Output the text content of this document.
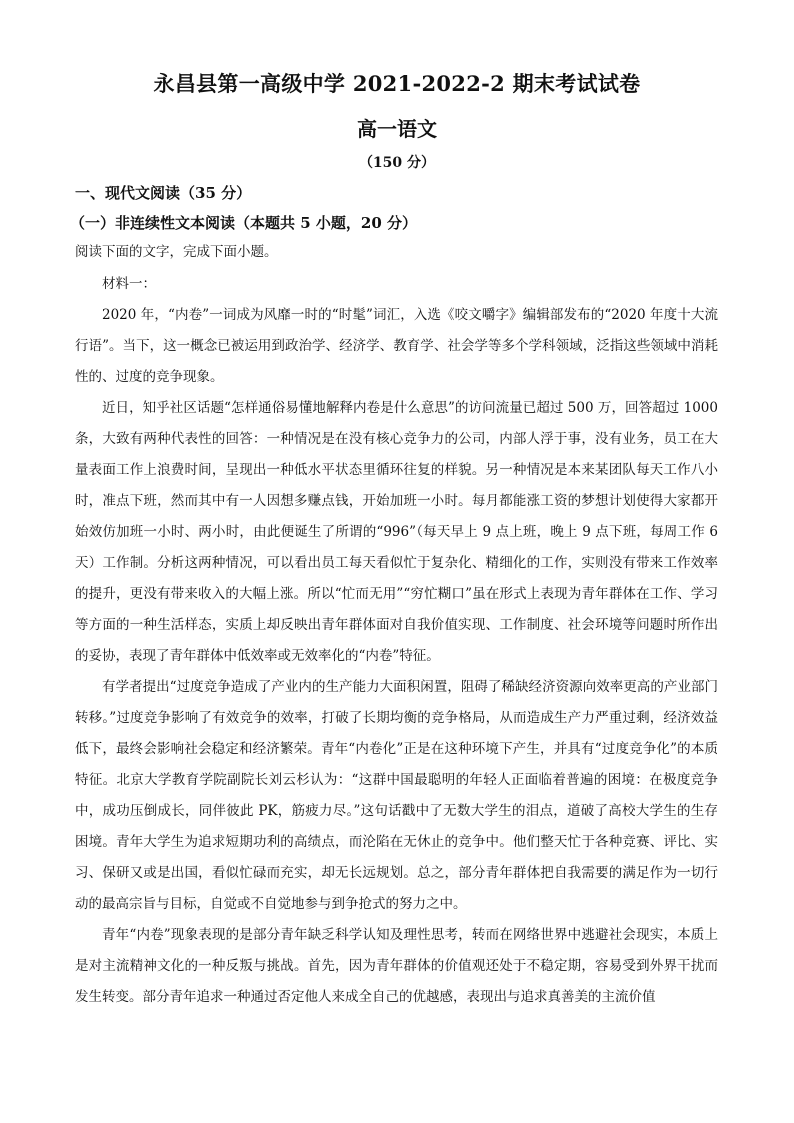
永昌县第一高级中学 2021-2022-2 期末考试试卷
高一语文
（150 分）
一、现代文阅读（35 分）
（一）非连续性文本阅读（本题共 5 小题，20 分）
阅读下面的文字，完成下面小题。
材料一：

2020 年，“内卷”一词成为风靡一时的“时髦”词汇，入选《咬文嚼字》编辑部发布的“2020 年度十大流行语”。当下，这一概念已被运用到政治学、经济学、教育学、社会学等多个学科领域，泛指这些领域中消耗性的、过度的竞争现象。

近日，知乎社区话题“怎样通俗易懂地解释内卷是什么意思”的访问流量已超过 500 万，回答超过 1000 条，大致有两种代表性的回答：一种情况是在没有核心竞争力的公司，内部人浮于事，没有业务，员工在大量表面工作上浪费时间，呈现出一种低水平状态里循环往复的样貌。另一种情况是本来某团队每天工作八小时，准点下班，然而其中有一人因想多赚点钱，开始加班一小时。每月都能涨工资的梦想计划使得大家都开始效仿加班一小时、两小时，由此便诞生了所谓的“996”（每天早上 9 点上班，晚上 9 点下班，每周工作 6 天）工作制。分析这两种情况，可以看出员工每天看似忙于复杂化、精细化的工作，实则没有带来工作效率的提升，更没有带来收入的大幅上涨。所以“忙而无用”“穷忙糊口”虽在形式上表现为青年群体在工作、学习等方面的一种生活样态，实质上却反映出青年群体面对自我价值实现、工作制度、社会环境等问题时所作出的妥协，表现了青年群体中低效率或无效率化的“内卷”特征。

有学者提出“过度竞争造成了产业内的生产能力大面积闲置，阻碍了稀缺经济资源向效率更高的产业部门转移。”过度竞争影响了有效竞争的效率，打破了长期均衡的竞争格局，从而造成生产力严重过剩，经济效益低下，最终会影响社会稳定和经济繁荣。青年“内卷化”正是在这种环境下产生，并具有“过度竞争化”的本质特征。北京大学教育学院副院长刘云杉认为：“这群中国最聪明的年轻人正面临着普遍的困境：在极度竞争中，成功压倒成长，同伴彼此 PK，筋疲力尽。”这句话戳中了无数大学生的泪点，道破了高校大学生的生存困境。青年大学生为追求短期功利的高绩点，而沦陷在无休止的竞争中。他们整天忙于各种竞赛、评比、实习、保研又或是出国，看似忙碌而充实，却无长远规划。总之，部分青年群体把自我需要的满足作为一切行动的最高宗旨与目标，自觉或不自觉地参与到争抢式的努力之中。

青年“内卷”现象表现的是部分青年缺乏科学认知及理性思考，转而在网络世界中逃避社会现实，本质上是对主流精神文化的一种反叛与挑战。首先，因为青年群体的价值观还处于不稳定期，容易受到外界干扰而发生转变。部分青年追求一种通过否定他人来成全自己的优越感，表现出与追求真善美的主流价值
